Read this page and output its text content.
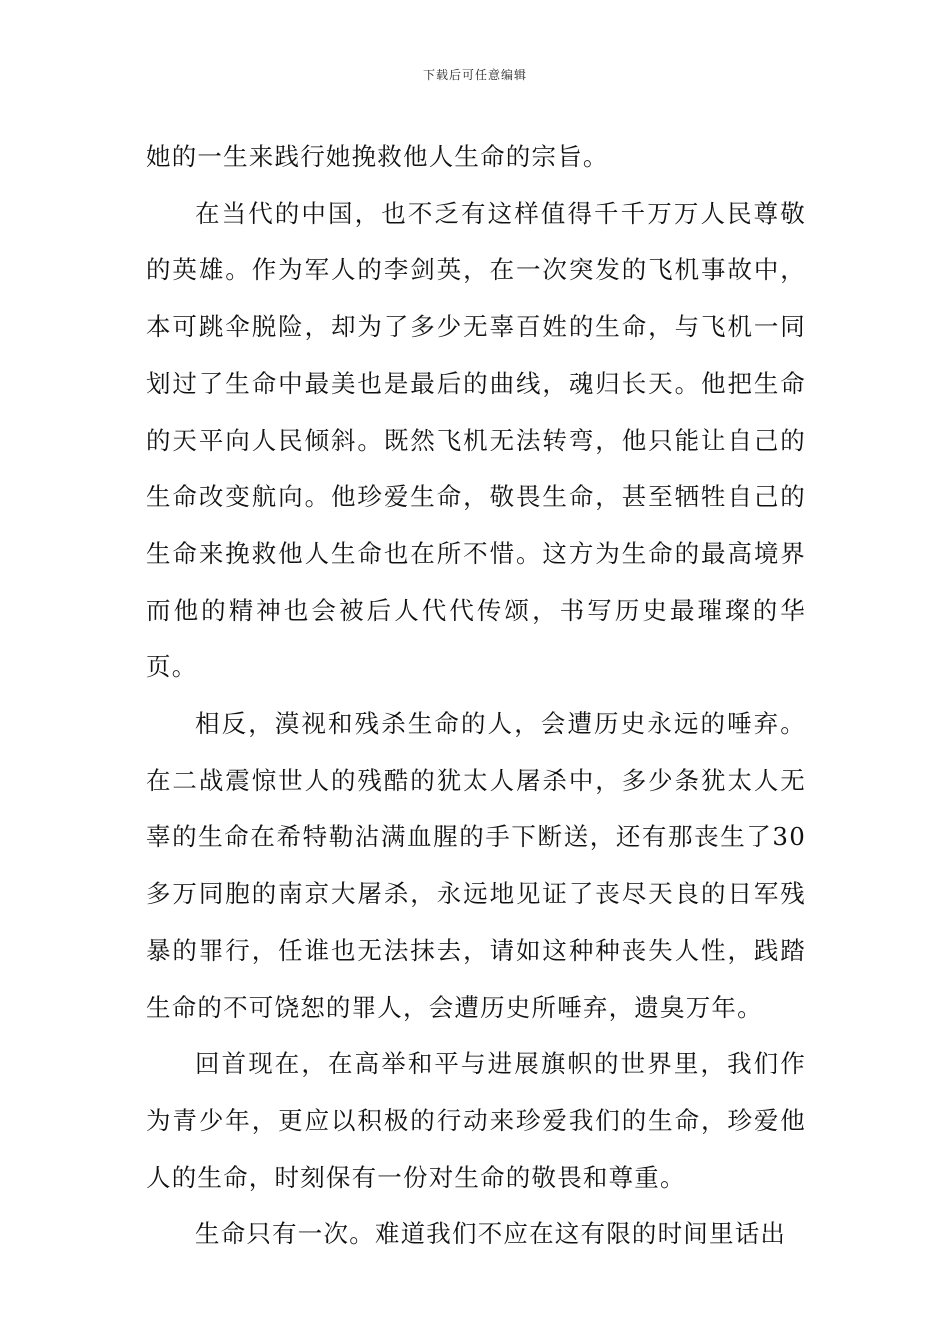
下载后可任意编辑

她的一生来践行她挽救他人生命的宗旨。

在当代的中国，也不乏有这样值得千千万万人民尊敬的英雄。作为军人的李剑英，在一次突发的飞机事故中，本可跳伞脱险，却为了多少无辜百姓的生命，与飞机一同划过了生命中最美也是最后的曲线，魂归长天。他把生命的天平向人民倾斜。既然飞机无法转弯，他只能让自己的生命改变航向。他珍爱生命，敬畏生命，甚至牺牲自己的生命来挽救他人生命也在所不惜。这方为生命的最高境界而他的精神也会被后人代代传颂，书写历史最璀璨的华页。

相反，漠视和残杀生命的人，会遭历史永远的唾弃。在二战震惊世人的残酷的犹太人屠杀中，多少条犹太人无辜的生命在希特勒沾满血腥的手下断送，还有那丧生了30多万同胞的南京大屠杀，永远地见证了丧尽天良的日军残暴的罪行，任谁也无法抹去，请如这种种丧失人性，践踏生命的不可饶恕的罪人，会遭历史所唾弃，遗臭万年。

回首现在，在高举和平与进展旗帜的世界里，我们作为青少年，更应以积极的行动来珍爱我们的生命，珍爱他人的生命，时刻保有一份对生命的敬畏和尊重。

生命只有一次。难道我们不应在这有限的时间里话出
